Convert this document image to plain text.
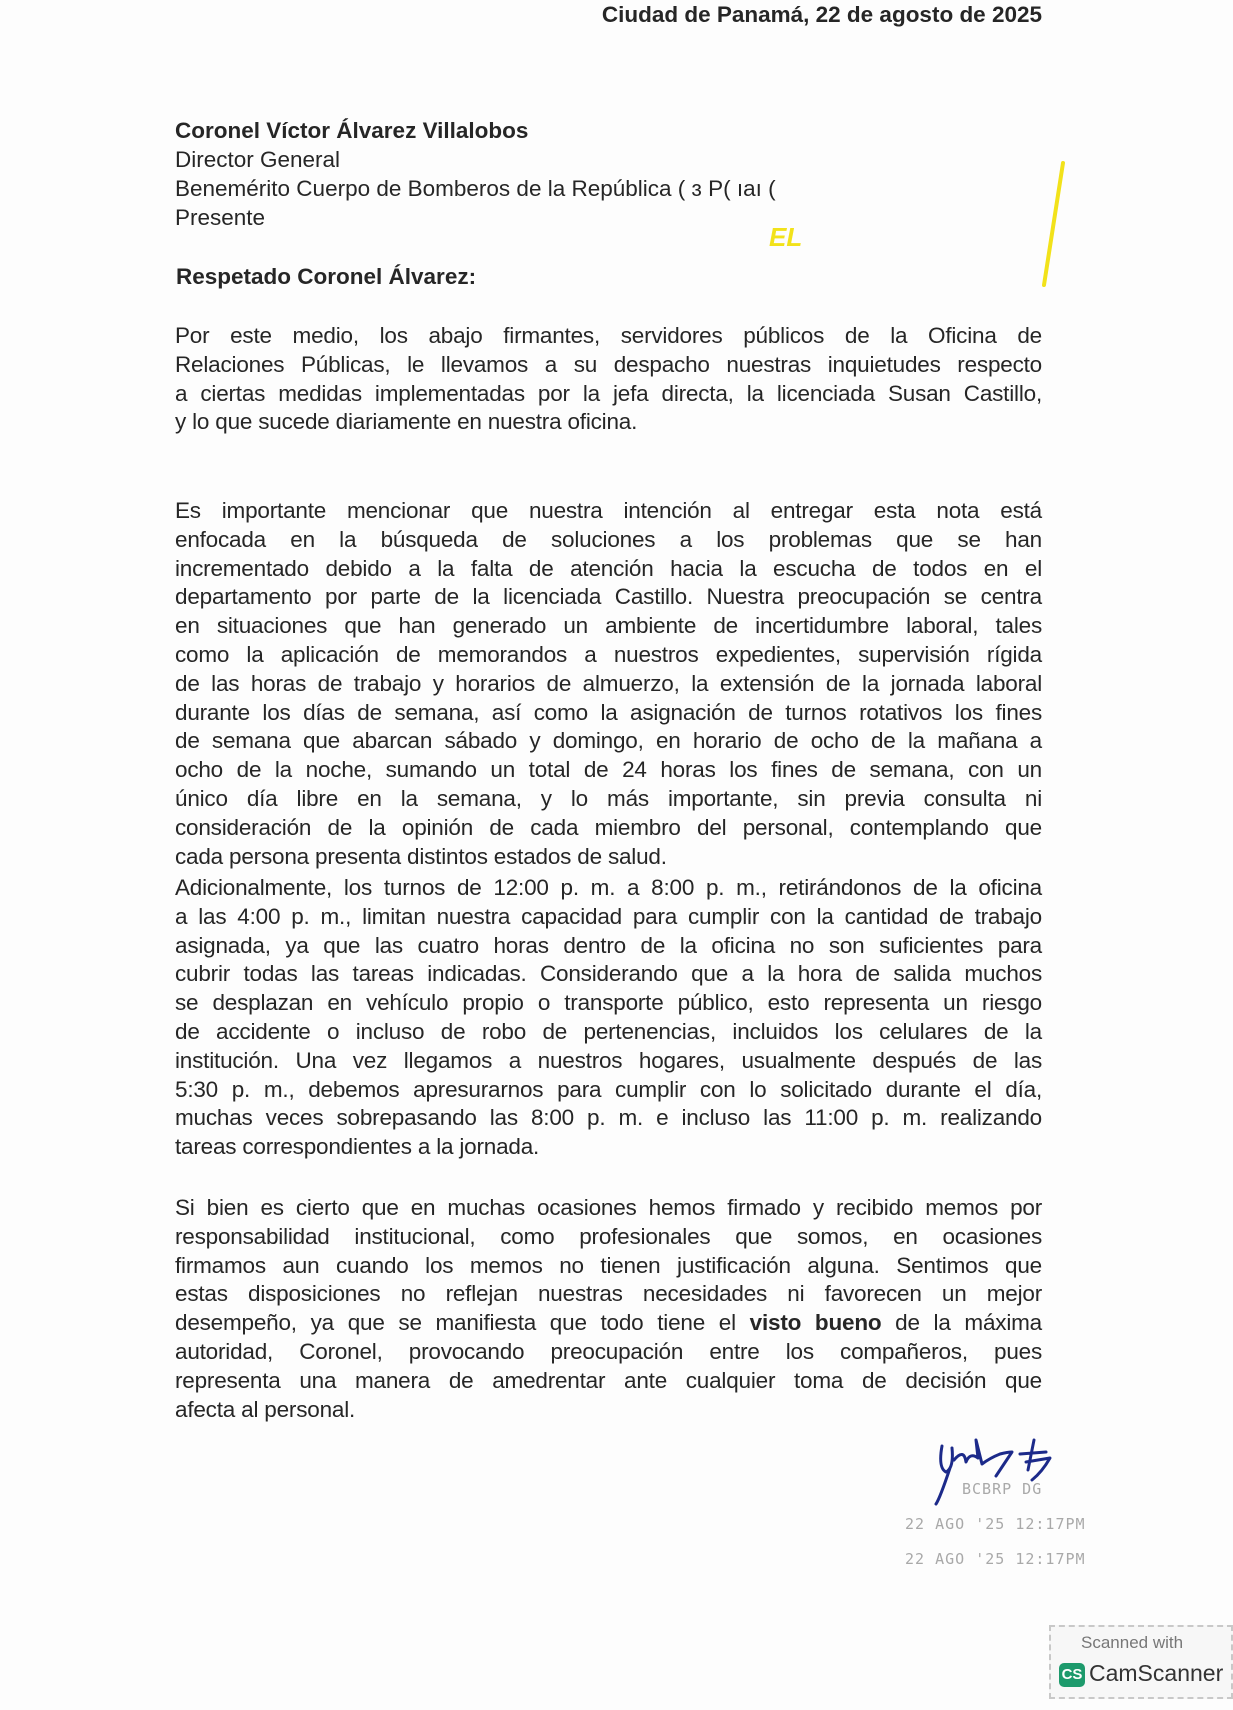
Ciudad de Panamá, 22 de agosto de 2025
Coronel Víctor Álvarez Villalobos
Director General
Benemérito Cuerpo de Bomberos de la República ( ɜ P( ıaı (
Presente
EL
Respetado Coronel Álvarez:
Por este medio, los abajo firmantes, servidores públicos de la Oficina de
Relaciones Públicas, le llevamos a su despacho nuestras inquietudes respecto
a ciertas medidas implementadas por la jefa directa, la licenciada Susan Castillo,
y lo que sucede diariamente en nuestra oficina.
Es importante mencionar que nuestra intención al entregar esta nota está
enfocada en la búsqueda de soluciones a los problemas que se han
incrementado debido a la falta de atención hacia la escucha de todos en el
departamento por parte de la licenciada Castillo. Nuestra preocupación se centra
en situaciones que han generado un ambiente de incertidumbre laboral, tales
como la aplicación de memorandos a nuestros expedientes, supervisión rígida
de las horas de trabajo y horarios de almuerzo, la extensión de la jornada laboral
durante los días de semana, así como la asignación de turnos rotativos los fines
de semana que abarcan sábado y domingo, en horario de ocho de la mañana a
ocho de la noche, sumando un total de 24 horas los fines de semana, con un
único día libre en la semana, y lo más importante, sin previa consulta ni
consideración de la opinión de cada miembro del personal, contemplando que
cada persona presenta distintos estados de salud.
Adicionalmente, los turnos de 12:00 p. m. a 8:00 p. m., retirándonos de la oficina
a las 4:00 p. m., limitan nuestra capacidad para cumplir con la cantidad de trabajo
asignada, ya que las cuatro horas dentro de la oficina no son suficientes para
cubrir todas las tareas indicadas. Considerando que a la hora de salida muchos
se desplazan en vehículo propio o transporte público, esto representa un riesgo
de accidente o incluso de robo de pertenencias, incluidos los celulares de la
institución. Una vez llegamos a nuestros hogares, usualmente después de las
5:30 p. m., debemos apresurarnos para cumplir con lo solicitado durante el día,
muchas veces sobrepasando las 8:00 p. m. e incluso las 11:00 p. m. realizando
tareas correspondientes a la jornada.
Si bien es cierto que en muchas ocasiones hemos firmado y recibido memos por
responsabilidad institucional, como profesionales que somos, en ocasiones
firmamos aun cuando los memos no tienen justificación alguna. Sentimos que
estas disposiciones no reflejan nuestras necesidades ni favorecen un mejor
desempeño, ya que se manifiesta que todo tiene el visto bueno de la máxima
autoridad, Coronel, provocando preocupación entre los compañeros, pues
representa una manera de amedrentar ante cualquier toma de decisión que
afecta al personal.
BCBRP DG
22 AGO '25 12:17PM
22 AGO '25 12:17PM
Scanned with
CS CamScanner
